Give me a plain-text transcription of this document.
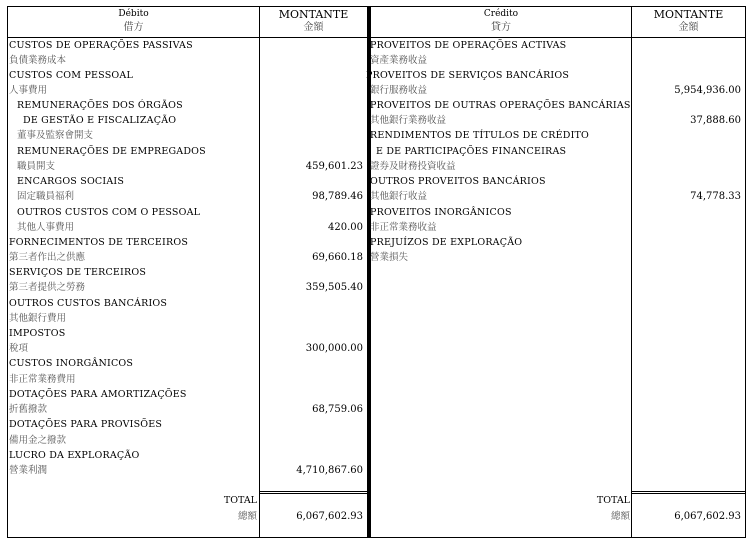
Débito
借方
MONTANTE
金額
Crédito
貸方
MONTANTE
金額
CUSTOS DE OPERAÇÕES PASSIVAS
負債業務成本
CUSTOS COM PESSOAL
人事費用
REMUNERAÇÕES DOS ÓRGÃOS
DE GESTÃO E FISCALIZAÇÃO
董事及監察會開支
REMUNERAÇÕES DE EMPREGADOS
職員開支	459,601.23
ENCARGOS SOCIAIS
固定職員福利	98,789.46
OUTROS CUSTOS COM O PESSOAL
其他人事費用	420.00
FORNECIMENTOS DE TERCEIROS
第三者作出之供應	69,660.18
SERVIÇOS DE TERCEIROS
第三者提供之勞務	359,505.40
OUTROS CUSTOS BANCÁRIOS
其他銀行費用
IMPOSTOS
稅項	300,000.00
CUSTOS INORGÂNICOS
非正常業務費用
DOTAÇÕES PARA AMORTIZAÇÕES
折舊撥款	68,759.06
DOTAÇÕES PARA PROVISÕES
備用金之撥款
LUCRO DA EXPLORAÇÃO
營業利潤	4,710,867.60
TOTAL
總額	6,067,602.93
PROVEITOS DE OPERAÇÕES ACTIVAS
資產業務收益
PROVEITOS DE SERVIÇOS BANCÁRIOS
銀行服務收益	5,954,936.00
PROVEITOS DE OUTRAS OPERAÇÕES BANCÁRIAS
其他銀行業務收益	37,888.60
RENDIMENTOS DE TÍTULOS DE CRÉDITO
E DE PARTICIPAÇÕES FINANCEIRAS
證券及財務投資收益
OUTROS PROVEITOS BANCÁRIOS
其他銀行收益	74,778.33
PROVEITOS INORGÂNICOS
非正常業務收益
PREJUÍZOS DE EXPLORAÇÃO
營業損失
TOTAL
總額	6,067,602.93
